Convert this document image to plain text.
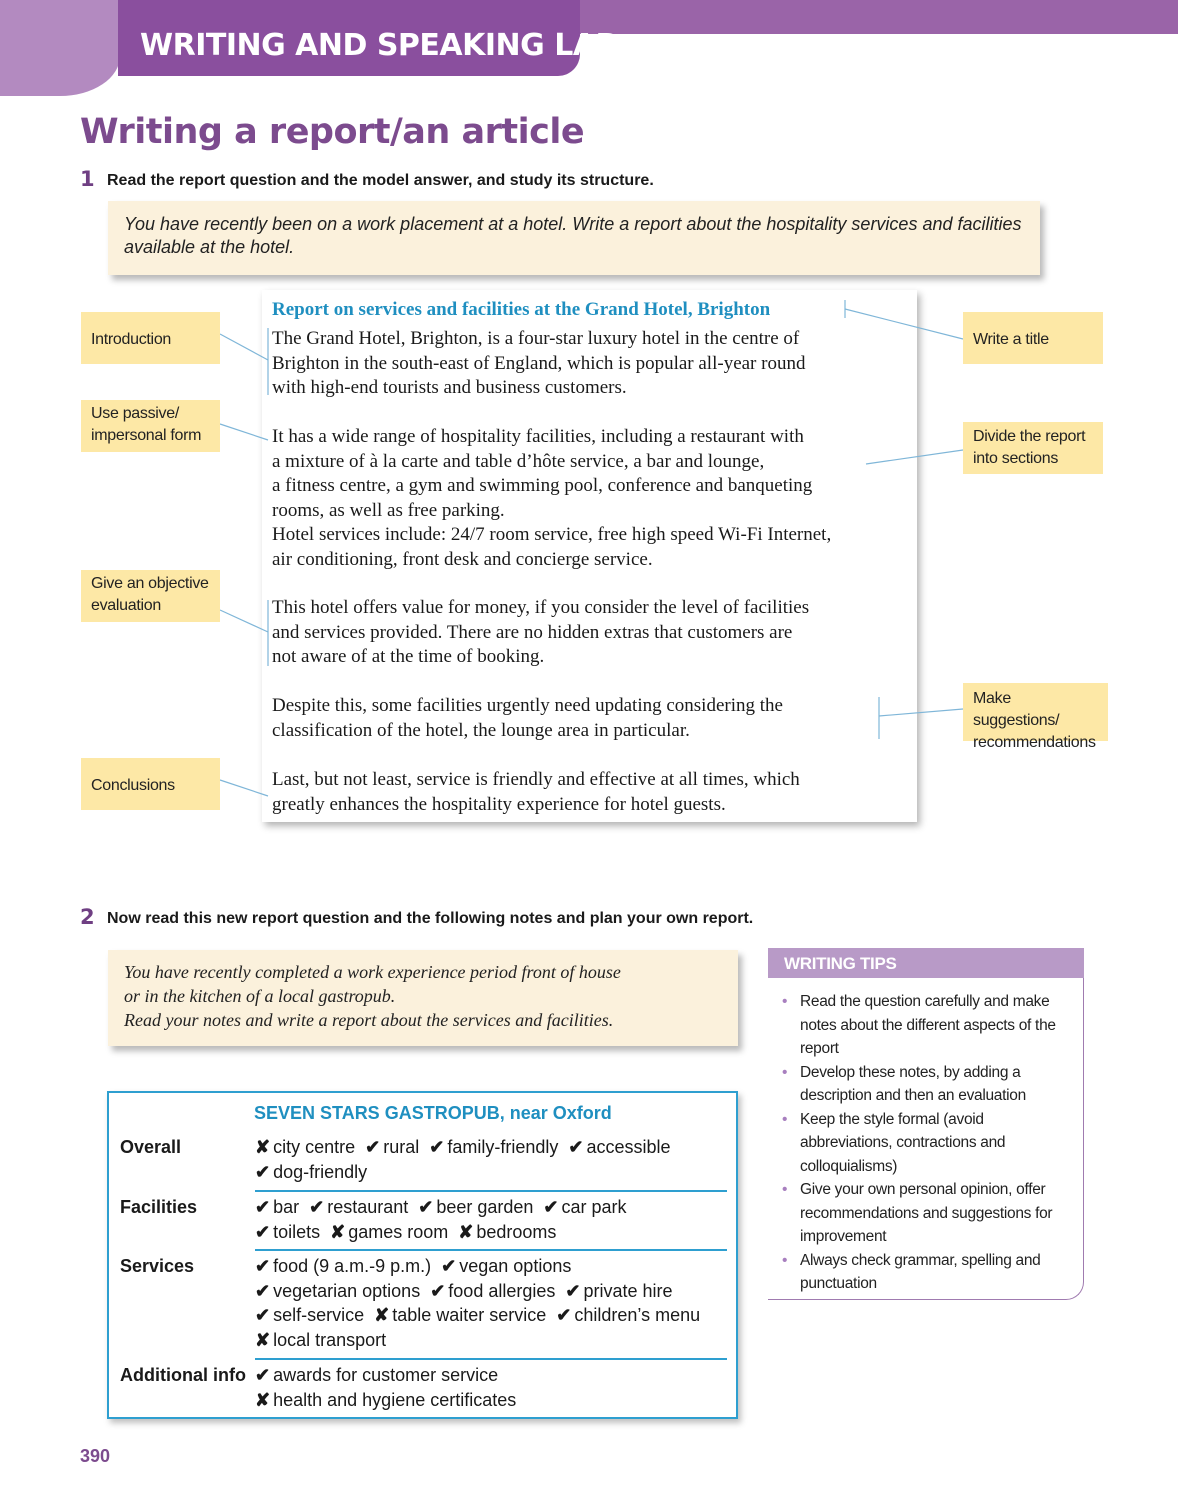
WRITING AND SPEAKING LAB
Writing a report/an article
1 Read the report question and the model answer, and study its structure.
You have recently been on a work placement at a hotel. Write a report about the hospitality services and facilities available at the hotel.
Report on services and facilities at the Grand Hotel, Brighton
The Grand Hotel, Brighton, is a four-star luxury hotel in the centre of
Brighton in the south-east of England, which is popular all-year round
with high-end tourists and business customers.
It has a wide range of hospitality facilities, including a restaurant with
a mixture of à la carte and table d’hôte service, a bar and lounge,
a fitness centre, a gym and swimming pool, conference and banqueting
rooms, as well as free parking.
Hotel services include: 24/7 room service, free high speed Wi-Fi Internet,
air conditioning, front desk and concierge service.
This hotel offers value for money, if you consider the level of facilities
and services provided. There are no hidden extras that customers are
not aware of at the time of booking.
Despite this, some facilities urgently need updating considering the
classification of the hotel, the lounge area in particular.
Last, but not least, service is friendly and effective at all times, which
greatly enhances the hospitality experience for hotel guests.
Introduction
Use passive/
impersonal form
Give an objective
evaluation
Conclusions
Write a title
Divide the report
into sections
Make suggestions/
recommendations
2 Now read this new report question and the following notes and plan your own report.
You have recently completed a work experience period front of house
or in the kitchen of a local gastropub.
Read your notes and write a report about the services and facilities.
WRITING TIPS
• Read the question carefully and make notes about the different aspects of the report
• Develop these notes, by adding a description and then an evaluation
• Keep the style formal (avoid abbreviations, contractions and colloquialisms)
• Give your own personal opinion, offer recommendations and suggestions for improvement
• Always check grammar, spelling and punctuation
SEVEN STARS GASTROPUB, near Oxford
Overall	✘ city centre ✔ rural ✔ family-friendly ✔ accessible
✔ dog-friendly
Facilities	✔ bar ✔ restaurant ✔ beer garden ✔ car park
✔ toilets ✘ games room ✘ bedrooms
Services	✔ food (9 a.m.-9 p.m.) ✔ vegan options
✔ vegetarian options ✔ food allergies ✔ private hire
✔ self-service ✘ table waiter service ✔ children’s menu
✘ local transport
Additional info ✔ awards for customer service
✘ health and hygiene certificates
390
